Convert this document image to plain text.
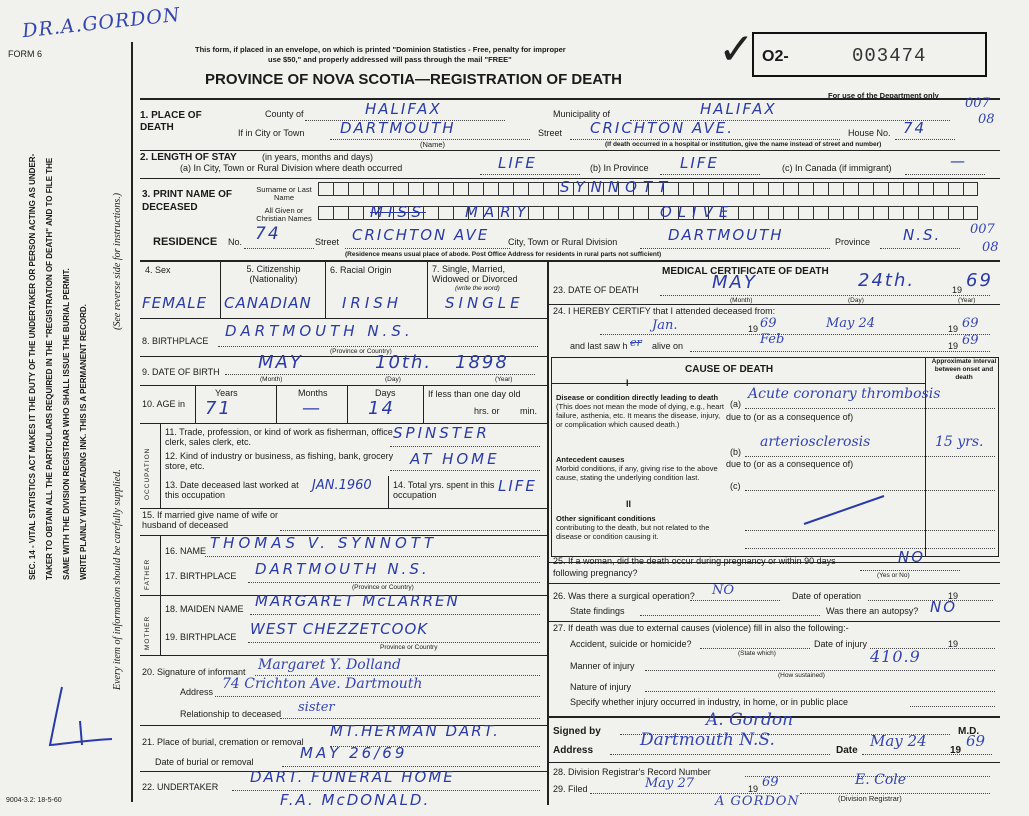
DR.A.GORDON
FORM 6	This form, if placed in an envelope, on which is printed "Dominion Statistics - Free, penalty for improper
use $50," and properly addressed will pass through the mail "FREE"
PROVINCE OF NOVA SCOTIA—REGISTRATION OF DEATH
✓ O2-	003474
For use of the Department only
SEC. 14 - VITAL STATISTICS ACT MAKES IT THE DUTY OF THE UNDERTAKER OR PERSON ACTING AS UNDER- TAKER TO OBTAIN ALL THE PARTICULARS REQUIRED IN THE "REGISTRATION OF DEATH" AND TO FILE THE SAME WITH THE DIVISION REGISTRAR WHO SHALL ISSUE THE BURIAL PERMIT. WRITE PLAINLY WITH UNFADING INK. THIS IS A PERMANENT RECORD.
(See reverse side for instructions.)
Every item of information should be carefully supplied.
9004-3.2: 18-5-60
1. PLACE OF DEATH
County of	HALIFAX	Municipality of	HALIFAX	007
If in City or Town DARTMOUTH
(Name)
Street CRICHTON AVE.	House No. 74	08
(If death occurred in a hospital or institution, give the name instead of street and number)
2. LENGTH OF STAY	(in years, months and days)
(a) In City, Town or Rural Division where death occurred	LIFE	(b) In Province LIFE	(c) In Canada (if immigrant)	—
3. PRINT NAME OF DECEASED
Surname or Last Name
SYNNOTT
All Given or Christian Names	MISS	MARY	OLIVE
RESIDENCE No. 74	Street CRICHTON AVE City, Town or Rural Division	DARTMOUTH	Province N.S. 007
08
(Residence means usual place of abode. Post Office Address for residents in rural parts not sufficient)
4. Sex
FEMALE
5. Citizenship (Nationality)
CANADIAN
6. Racial Origin
IRISH
7. Single, Married, Widowed or Divorced
(write the word)
SINGLE
8. BIRTHPLACE
DARTMOUTH N.S.
(Province or Country)
9. DATE OF BIRTH MAY	10th. 1898
(Month)	(Day)	(Year)
10. AGE in
Years
71
Months
—
Days
14
If less than one day old
hrs. or min.
OCCUPATION
11. Trade, profession, or kind of work as fisherman, office clerk, sales clerk, etc.	SPINSTER
12. Kind of industry or business, as fishing, bank, grocery store, etc.	AT HOME
13. Date deceased last worked at this occupation
JAN.1960 14. Total yrs. spent in this occupation	LIFE
15. If married give name of wife or husband of deceased
FATHER
MOTHER
16. NAME THOMAS V. SYNNOTT
17. BIRTHPLACE DARTMOUTH N.S.
(Province or Country)
18. MAIDEN NAME MARGARET McLARREN
19. BIRTHPLACE WEST CHEZZETCOOK
Province or Country
20. Signature of informant Margaret Y. Dolland
Address 74 Crichton Ave. Dartmouth
Relationship to deceased sister
21. Place of burial, cremation or removal
MT.HERMAN DART.
Date of burial or removal	MAY 26/69
22. UNDERTAKER
DART. FUNERAL HOME
F.A. McDONALD.
MEDICAL CERTIFICATE OF DEATH
23. DATE OF DEATH	MAY	24th.	19 69
(Month)	(Day)	(Year)
24. I HEREBY CERTIFY that I attended deceased from:
Jan.	19 69	May 24	19 69
and last saw h er alive on	Feb	19 69
CAUSE OF DEATH
Approximate interval between onset and death
I
Disease or condition directly leading to death (This does not mean the mode of dying, e.g., heart failure, asthenia, etc. It means the disease, injury, or complication which caused death.)
(a)
Acute coronary thrombosis
due to (or as a consequence of)
Antecedent causes
Morbid conditions, if any, giving rise to the above cause, stating the underlying condition last.
(b)
arteriosclerosis	15 yrs.
due to (or as a consequence of)
(c)
II
Other significant conditions
contributing to the death, but not related to the disease or condition causing it.
25. If a woman, did the death occur during pregnancy or within 90 days following pregnancy?
NO
(Yes or No)
26. Was there a surgical operation? NO	Date of operation	19
State findings	Was there an autopsy? NO
27. If death was due to external causes (violence) fill in also the following:-
Accident, suicide or homicide?	Date of injury	19
(State which)
Manner of injury	410.9
(How sustained)
Nature of injury
Specify whether injury occurred in industry, in home, or in public place
Signed by
A. Gordon
M.D.
Address
Dartmouth N.S.
Date
May 24
19
69
28. Division Registrar's Record Number
29. Filed	May 27	19 69	E. Cole
(Division Registrar)
A GORDON
